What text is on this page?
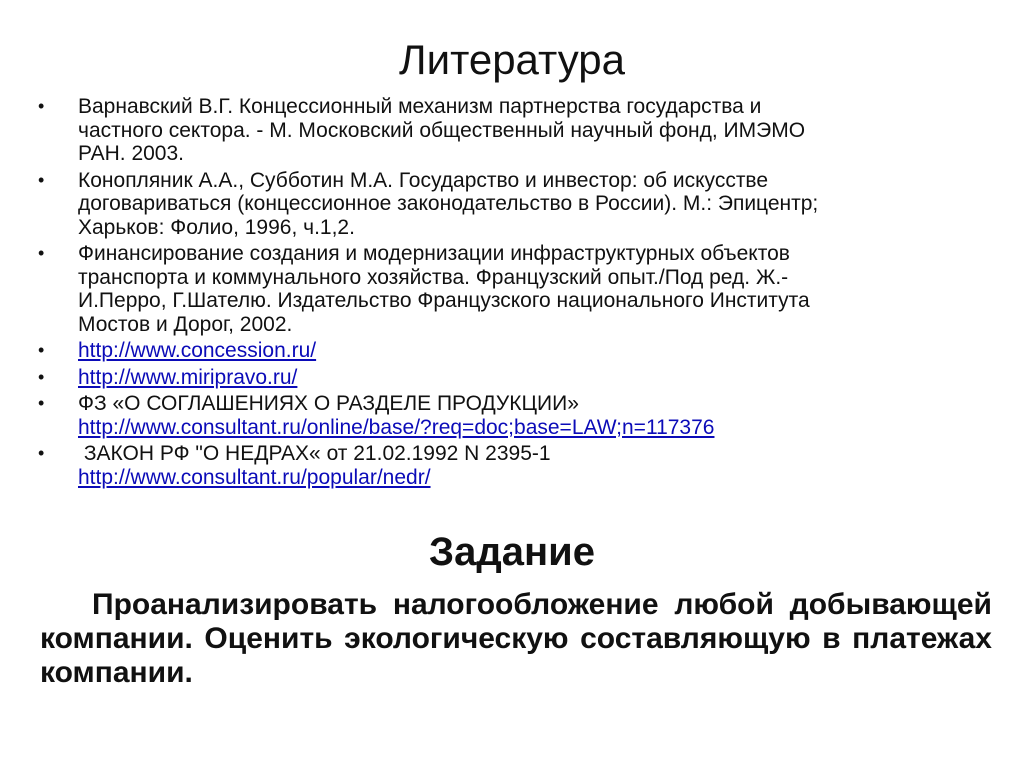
Литература
• Варнавский В.Г. Концессионный механизм партнерства государства и
частного сектора. - М. Московский общественный научный фонд, ИМЭМО
РАН. 2003.
• Конопляник А.А., Субботин М.А. Государство и инвестор: об искусстве
договариваться (концессионное законодательство в России). М.: Эпицентр;
Харьков: Фолио, 1996, ч.1,2.
• Финансирование создания и модернизации инфраструктурных объектов
транспорта и коммунального хозяйства. Французский опыт./Под ред. Ж.-
И.Перро, Г.Шателю. Издательство Французского национального Института
Мостов и Дорог, 2002.
• http://www.concession.ru/
• http://www.miripravo.ru/
• ФЗ «О СОГЛАШЕНИЯХ О РАЗДЕЛЕ ПРОДУКЦИИ»
http://www.consultant.ru/online/base/?req=doc;base=LAW;n=117376
• ЗАКОН РФ "О НЕДРАХ« от 21.02.1992 N 2395-1
http://www.consultant.ru/popular/nedr/
Задание
Проанализировать налогообложение любой добывающей компании. Оценить экологическую составляющую в платежах компании.
